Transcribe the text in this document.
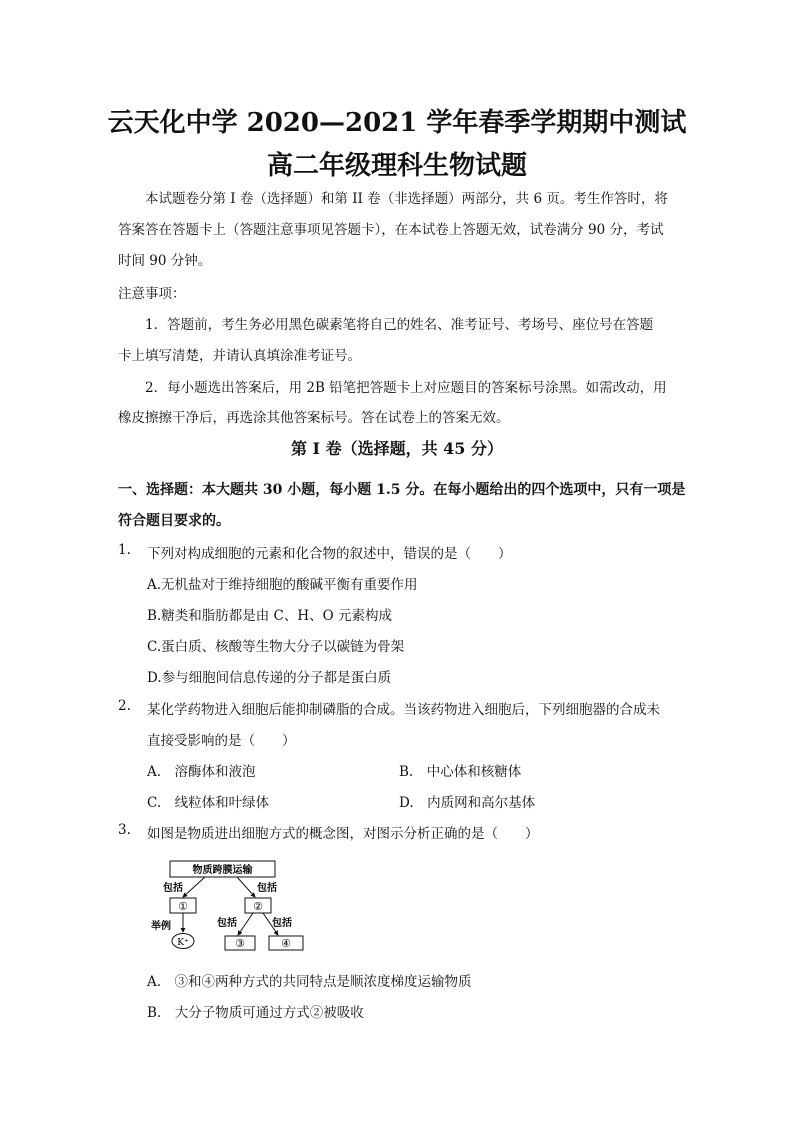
云天化中学 2020—2021 学年春季学期期中测试
高二年级理科生物试题
本试题卷分第 I 卷（选择题）和第 II 卷（非选择题）两部分，共 6 页。考生作答时，将
答案答在答题卡上（答题注意事项见答题卡），在本试卷上答题无效，试卷满分 90 分，考试
时间 90 分钟。
注意事项：
1．答题前，考生务必用黑色碳素笔将自己的姓名、准考证号、考场号、座位号在答题
卡上填写清楚，并请认真填涂准考证号。
2．每小题选出答案后，用 2B 铅笔把答题卡上对应题目的答案标号涂黑。如需改动，用
橡皮擦擦干净后，再选涂其他答案标号。答在试卷上的答案无效。
第 I 卷（选择题，共 45 分）
一、选择题：本大题共 30 小题，每小题 1.5 分。在每小题给出的四个选项中，只有一项是
符合题目要求的。
1. 下列对构成细胞的元素和化合物的叙述中，错误的是（　　）
A.无机盐对于维持细胞的酸碱平衡有重要作用
B.糖类和脂肪都是由 C、H、O 元素构成
C.蛋白质、核酸等生物大分子以碳链为骨架
D.参与细胞间信息传递的分子都是蛋白质
2. 某化学药物进入细胞后能抑制磷脂的合成。当该药物进入细胞后，下列细胞器的合成未
直接受影响的是（　　）
A.　溶酶体和液泡	B.　中心体和核糖体
C.　线粒体和叶绿体	D.　内质网和高尔基体
3. 如图是物质进出细胞方式的概念图，对图示分析正确的是（　　）
物质跨膜运输
包括	包括
①	②
举例
K⁺
包括	包括
③	④
A.　③和④两种方式的共同特点是顺浓度梯度运输物质
B.　大分子物质可通过方式②被吸收
